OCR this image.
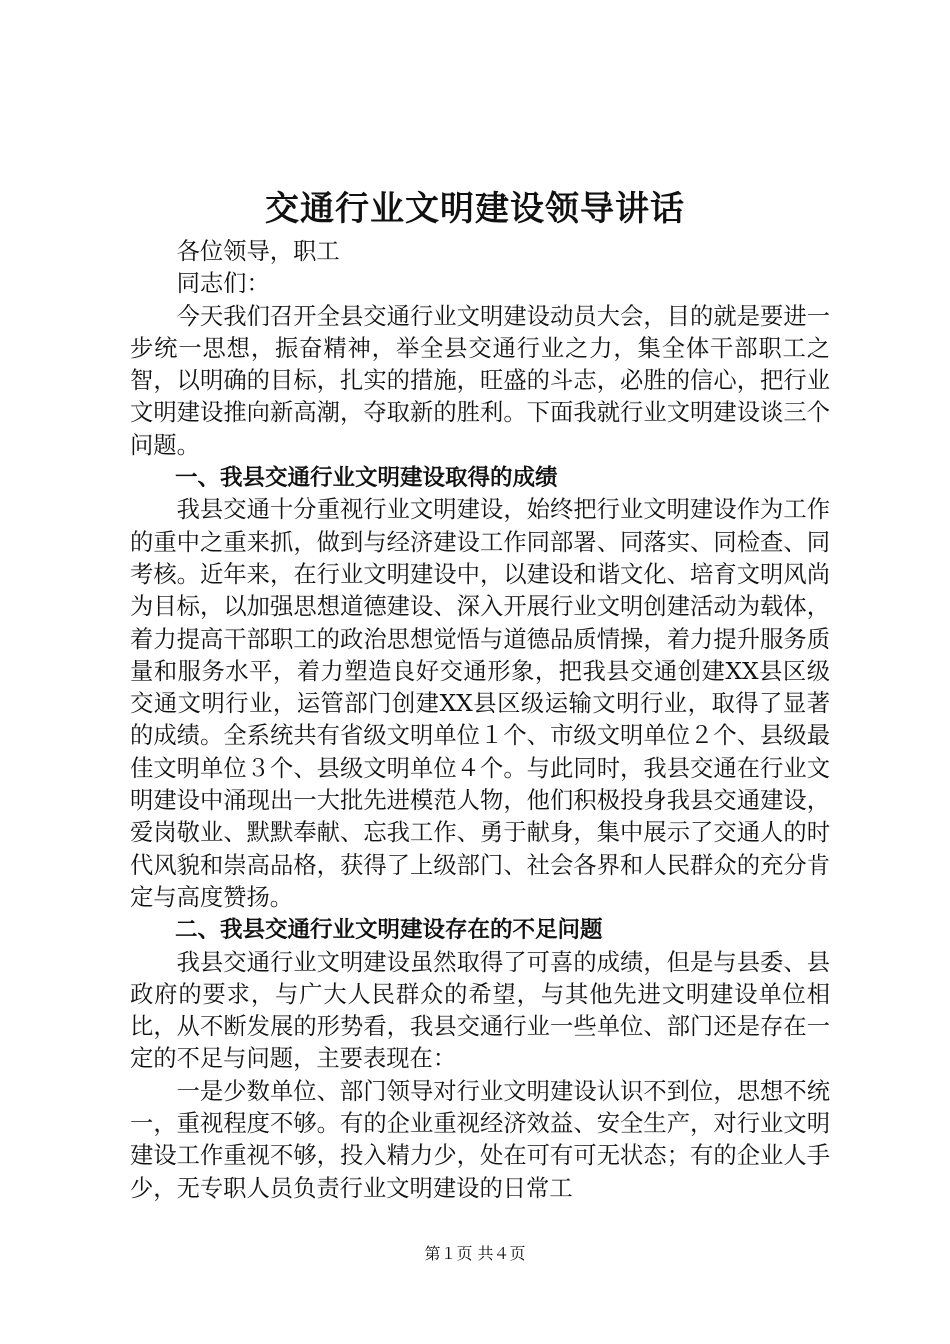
交通行业文明建设领导讲话

各位领导，职工

同志们：

今天我们召开全县交通行业文明建设动员大会，目的就是要进一步统一思想，振奋精神，举全县交通行业之力，集全体干部职工之智，以明确的目标，扎实的措施，旺盛的斗志，必胜的信心，把行业文明建设推向新高潮，夺取新的胜利。下面我就行业文明建设谈三个问题。

一、我县交通行业文明建设取得的成绩

我县交通十分重视行业文明建设，始终把行业文明建设作为工作的重中之重来抓，做到与经济建设工作同部署、同落实、同检查、同考核。近年来，在行业文明建设中，以建设和谐文化、培育文明风尚为目标，以加强思想道德建设、深入开展行业文明创建活动为载体，着力提高干部职工的政治思想觉悟与道德品质情操，着力提升服务质量和服务水平，着力塑造良好交通形象，把我县交通创建XX县区级交通文明行业，运管部门创建XX县区级运输文明行业，取得了显著的成绩。全系统共有省级文明单位１个、市级文明单位２个、县级最佳文明单位３个、县级文明单位４个。与此同时，我县交通在行业文明建设中涌现出一大批先进模范人物，他们积极投身我县交通建设，爱岗敬业、默默奉献、忘我工作、勇于献身，集中展示了交通人的时代风貌和崇高品格，获得了上级部门、社会各界和人民群众的充分肯定与高度赞扬。

二、我县交通行业文明建设存在的不足问题

我县交通行业文明建设虽然取得了可喜的成绩，但是与县委、县政府的要求，与广大人民群众的希望，与其他先进文明建设单位相比，从不断发展的形势看，我县交通行业一些单位、部门还是存在一定的不足与问题，主要表现在：

一是少数单位、部门领导对行业文明建设认识不到位，思想不统一，重视程度不够。有的企业重视经济效益、安全生产，对行业文明建设工作重视不够，投入精力少，处在可有可无状态；有的企业人手少，无专职人员负责行业文明建设的日常工

第１页 共４页
